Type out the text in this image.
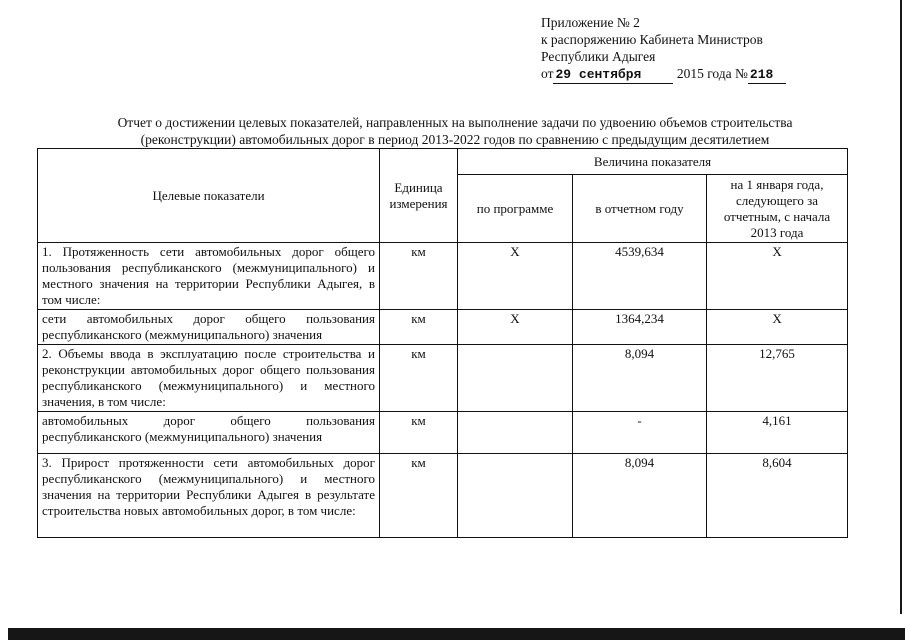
Приложение № 2
к распоряжению Кабинета Министров
Республики Адыгея
от 29 сентября	2015 года № 218
Отчет о достижении целевых показателей, направленных на выполнение задачи по удвоению объемов строительства
(реконструкции) автомобильных дорог в период 2013-2022 годов по сравнению с предыдущим десятилетием
Целевые показатели	Единица измерения	Величина показателя		
		по программе	в отчетном году	на 1 января года, следующего за отчетным, с начала 2013 года
1. Протяженность сети автомобильных дорог общего пользования республиканского (межмуниципального) и местного значения на территории Республики Адыгея, в том числе:	км	Х	4539,634	Х
сети автомобильных дорог общего пользования республиканского (межмуниципального) значения	км	Х	1364,234	Х
2. Объемы ввода в эксплуатацию после строительства и реконструкции автомобильных дорог общего пользования республиканского (межмуниципального) и местного значения, в том числе:	км		8,094	12,765
автомобильных дорог общего пользования республиканского (межмуниципального) значения	км		-	4,161
3. Прирост протяженности сети автомобильных дорог республиканского (межмуниципального) и местного значения на территории Республики Адыгея в результате строительства новых автомобильных дорог, в том числе:	км		8,094	8,604
